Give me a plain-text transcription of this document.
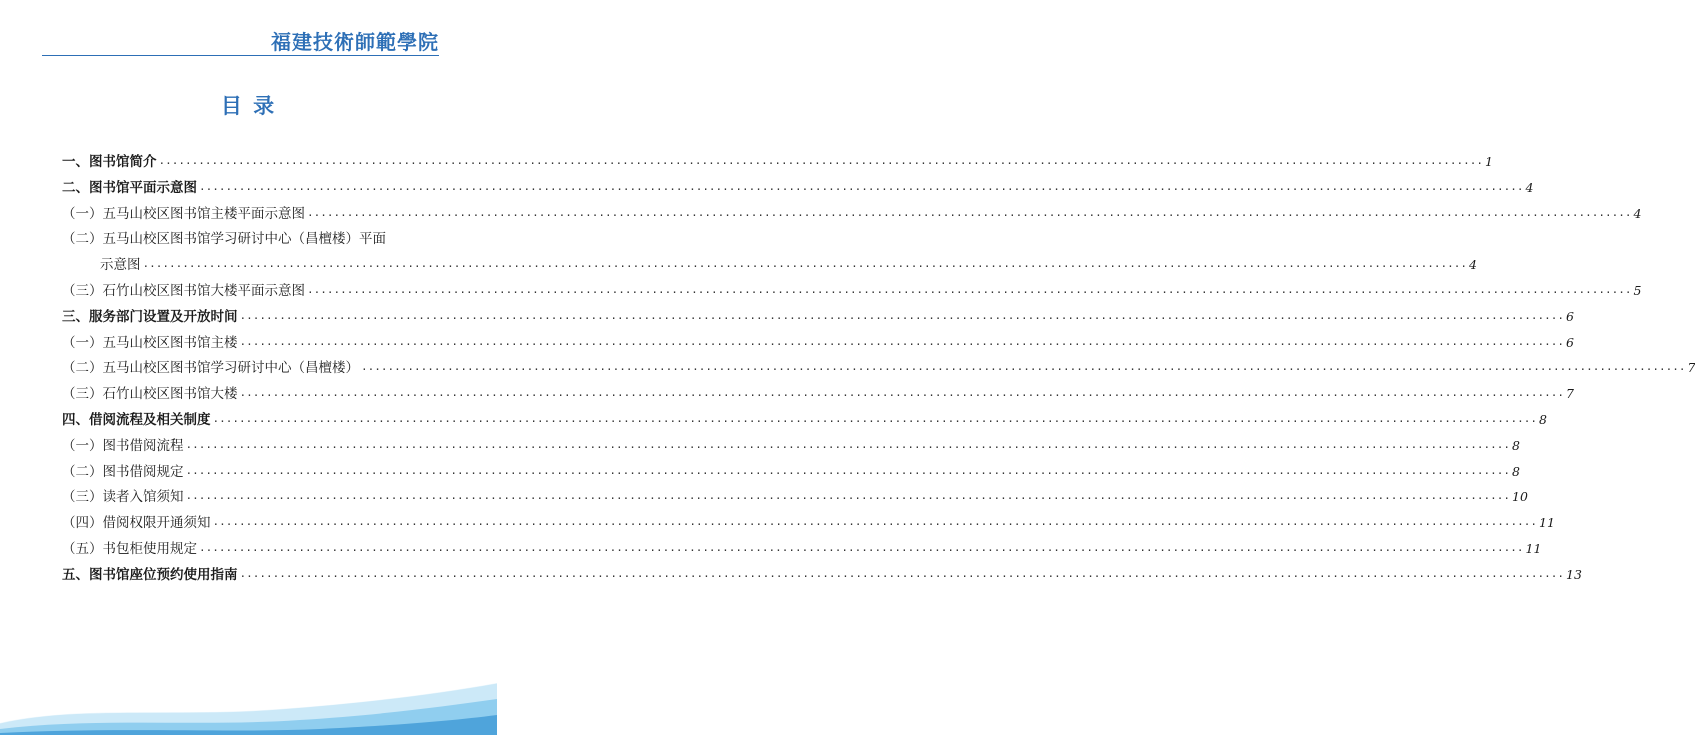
福建技術師範學院
目 录
一、图书馆简介 ........................................................................................................................................................................................................ 1
二、图书馆平面示意图 ........................................................................................................................................................................................................ 4
（一）五马山校区图书馆主楼平面示意图 ........................................................................................................................................................................................................ 4
（二）五马山校区图书馆学习研讨中心（昌檀楼）平面
示意图 ........................................................................................................................................................................................................ 4
（三）石竹山校区图书馆大楼平面示意图 ........................................................................................................................................................................................................ 5
三、服务部门设置及开放时间 ........................................................................................................................................................................................................ 6
（一）五马山校区图书馆主楼 ........................................................................................................................................................................................................ 6
（二）五马山校区图书馆学习研讨中心（昌檀楼） ........................................................................................................................................................................................................ 7
（三）石竹山校区图书馆大楼 ........................................................................................................................................................................................................ 7
四、借阅流程及相关制度 ........................................................................................................................................................................................................ 8
（一）图书借阅流程 ........................................................................................................................................................................................................ 8
（二）图书借阅规定 ........................................................................................................................................................................................................ 8
（三）读者入馆须知 ........................................................................................................................................................................................................ 10
（四）借阅权限开通须知 ........................................................................................................................................................................................................ 11
（五）书包柜使用规定 ........................................................................................................................................................................................................ 11
五、图书馆座位预约使用指南 ........................................................................................................................................................................................................ 13
